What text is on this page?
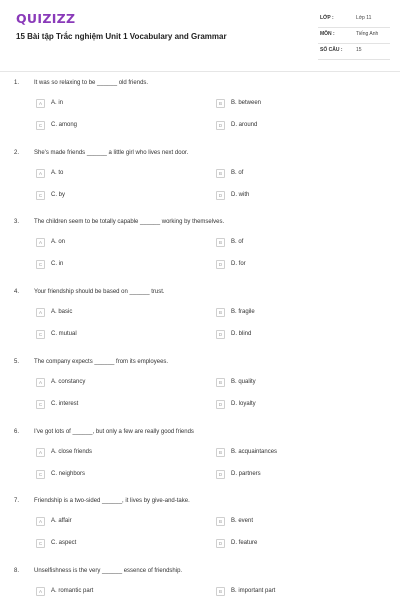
QUIZIZZ
15 Bài tập Trắc nghiệm Unit 1 Vocabulary and Grammar
LỚP :	Lớp 11
MÔN :	Tiếng Anh
SỐ CÂU :	15
1. It was so relaxing to be ______ old friends.
A	A. in	B	B. between
C	C. among	D	D. around
2. She's made friends ______ a little girl who lives next door.
A	A. to	B	B. of
C	C. by	D	D. with
3. The children seem to be totally capable ______ working by themselves.
A	A. on	B	B. of
C	C. in	D	D. for
4. Your friendship should be based on ______ trust.
A	A. basic	B	B. fragile
C	C. mutual	D	D. blind
5. The company expects ______ from its employees.
A	A. constancy	B	B. quality
C	C. interest	D	D. loyalty
6. I've got lots of ______, but only a few are really good friends
A	A. close friends	B	B. acquaintances
C	C. neighbors	D	D. partners
7. Friendship is a two-sided ______, it lives by give-and-take.
A	A. affair	B	B. event
C	C. aspect	D	D. feature
8. Unselfishness is the very ______ essence of friendship.
A	A. romantic part	B	B. important part
